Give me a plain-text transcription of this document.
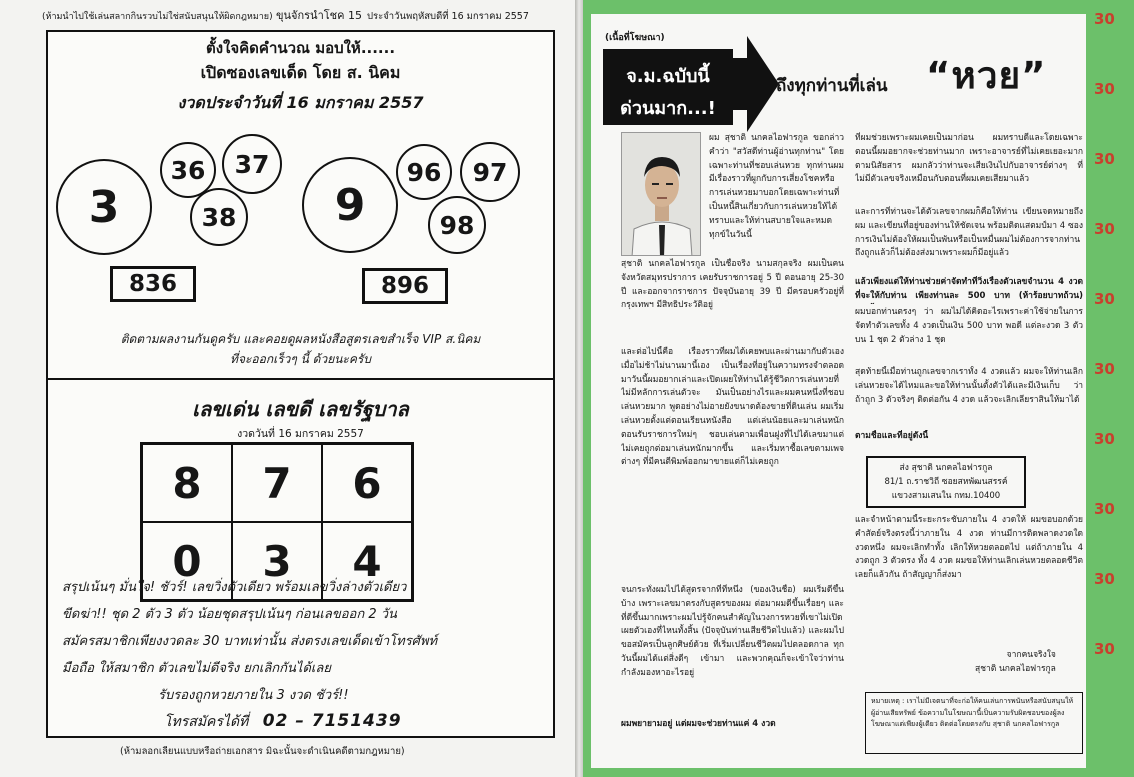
(ห้ามนำไปใช้เล่นสลากกินรวบไม่ใช่สนับสนุนให้ผิดกฎหมาย) ขุนจักรนำโชค 15 ประจำวันพฤหัสบดีที่ 16 มกราคม 2557
ตั้งใจคิดคำนวณ มอบให้......
เปิดซองเลขเด็ด โดย ส. นิคม
งวดประจำวันที่ 16 มกราคม 2557
3
36	37
38
836
9
96	97
98
896
ติดตามผลงานกันดูครับ และคอยดูผลหนังสือสูตรเลขสำเร็จ VIP ส.นิคม
ที่จะออกเร็วๆ นี้ ด้วยนะครับ
เลขเด่น เลขดี เลขรัฐบาล
งวดวันที่ 16 มกราคม 2557
8	7	6
0	3	4
สรุปเน้นๆ มั่นใจ! ชัวร์! เลขวิ่งตัวเดียว พร้อมเลขวิ่งล่างตัวเดียว
ขีดฆ่า!! ชุด 2 ตัว 3 ตัว น้อยชุดสรุปเน้นๆ ก่อนเลขออก 2 วัน
สมัครสมาชิกเพียงงวดละ 30 บาทเท่านั้น ส่งตรงเลขเด็ดเข้าโทรศัพท์
มือถือ ให้สมาชิก ตัวเลขไม่ดีจริง ยกเลิกกันได้เลย
รับรองถูกหวยภายใน 3 งวด ชัวร์!!
โทรสมัครได้ที่ 02 – 7151439
(ห้ามลอกเลียนแบบหรือถ่ายเอกสาร มิฉะนั้นจะดำเนินคดีตามกฎหมาย)
(เนื้อที่โฆษณา)
จ.ม.ฉบับนี้
ด่วนมาก...!
ถึงทุกท่านที่เล่น “หวย”
ผม สุชาติ นกคลไอฟารกูล ขอกล่าวคำว่า "สวัสดีท่านผู้อ่านทุกท่าน" โดยเฉพาะท่านที่ชอบเล่นหวย ทุกท่านผมมีเรื่องราวที่ผูกกับการเสี่ยงโชคหรือการเล่นหวยมาบอกโดยเฉพาะท่านที่เป็นหนี้สินเกี่ยวกับการเล่นหวยให้ได้ทราบและให้ท่านสบายใจและหมดทุกข์ในวันนี้
สุชาติ นกคลไอฟารกูล เป็นชื่อจริง นามสกุลจริง ผมเป็นคนจังหวัดสมุทรปราการ เคยรับราชการอยู่ 5 ปี ตอนอายุ 25-30 ปี และออกจากราชการ ปัจจุบันอายุ 39 ปี มีครอบครัวอยู่ที่กรุงเทพฯ มีสิทธิประวัติอยู่
และต่อไปนี้คือ เรื่องราวที่ผมได้เคยพบและผ่านมากับตัวเองเมื่อไม่ช้าไม่นานมานี้เอง เป็นเรื่องที่อยู่ในความทรงจำตลอดมาวันนี้ผมอยากเล่าและเปิดเผยให้ท่านได้รู้ชีวิตการเล่นหวยที่ไม่มีหลักการเล่นตัวจะ มันเป็นอย่างไรและผมคนหนึ่งที่ชอบเล่นหวยมาก พูดอย่างไม่อายยังขนาดต้องขายที่ดินเล่น ผมเริ่มเล่นหวยตั้งแต่ตอนเรียนหนังสือ แต่เล่นน้อยและมาเล่นหนักตอนรับราชการใหม่ๆ ชอบเล่นตามเพื่อนฝูงที่ไปได้เลขมาแต่ไม่เคยถูกต่อมาเล่นหนักมากขึ้น และเริ่มหาซื้อเลขตามเพจต่างๆ ที่มีคนตีพิมพ์ออกมาขายแต่ก็ไม่เคยถูก
จนกระทั่งผมไปได้สูตรจากที่ที่หนึ่ง (ของเงินชื่อ) ผมเริ่มดีขึ้นบ้าง เพราะเลขมาตรงกับสูตรของผม ต่อมาผมดีขึ้นเรื่อยๆ และที่ดีขึ้นมากเพราะผมไปรู้จักคนสำคัญในวงการหวยที่เขาไม่เปิดเผยตัวเองที่ไหนทั้งสิ้น (ปัจจุบันท่านเสียชีวิตไปแล้ว) และผมไปขอสมัครเป็นลูกศิษย์ด้วย ที่เริ่มเปลี่ยนชีวิตผมไปตลอดกาล ทุกวันนี้ผมได้แต่สิ่งดีๆ เข้ามา และพวกคุณก็จะเข้าใจว่าท่านกำลังมองหาอะไรอยู่
ผมพยายามอยู่ แต่ผมจะช่วยท่านแค่ 4 งวด
ที่ผมช่วยเพราะผมเคยเป็นมาก่อน ผมทราบดีและโดยเฉพาะตอนนี้ผมอยากจะช่วยท่านมาก เพราะอาจารย์ที่ไม่เคยเยอะมาก ตามนิสัยสาร ผมกลัวว่าท่านจะเสียเงินไปกับอาจารย์ต่างๆ ที่ไม่มีตัวเลขจริงเหมือนกับตอนที่ผมเคยเสียมาแล้ว
และการที่ท่านจะได้ตัวเลขจากผมก็คือให้ท่าน เขียนจดหมายถึงผม และเขียนที่อยู่ของท่านให้ชัดเจน พร้อมติดแสตมป์มา 4 ซองการเงินไม่ต้องให้ผมเป็นพันหรือเป็นหมื่นผมไม่ต้องการจากท่านถึงถูกแล้วก็ไม่ต้องส่งมาเพราะผมก็มีอยู่แล้ว
แล้วเพียงแต่ให้ท่านช่วยค่าจัดทำที่วิ่งเรื่องตัวเลขจำนวน 4 งวด ที่จะให้กับท่าน เพียงท่านละ 500 บาท (ห้าร้อยบาทถ้วน)
ผมบอกท่านตรงๆ ว่า ผมไม่ได้คิดอะไรเพราะค่าใช้จ่ายในการจัดทำตัวเลขทั้ง 4 งวดเป็นเงิน 500 บาท พอดี แต่ละงวด 3 ตัว บน 1 ชุด 2 ตัวล่าง 1 ชุด
สุดท้ายนี้เมื่อท่านถูกเลขจากเราทั้ง 4 งวดแล้ว ผมจะให้ท่านเลิกเล่นหวยจะได้ไหมและขอให้ท่านนั้นตั้งตัวได้และมีเงินเก็บ ว่า ถ้าถูก 3 ตัวจริงๆ ติดต่อกัน 4 งวด แล้วจะเลิกเลียราสินให้มาได้
ตามชื่อและที่อยู่ดังนี้
ส่ง สุชาติ นกคลไอฟารกูล
81/1 ถ.ราชวิถี ซอยสหพัฒนสรรค์
แขวงสามเสนใน กทม.10400
และจำหน้าตามนี้ระยะกระชับภายใน 4 งวดให้ ผมขอบอกด้วยคำสัตย์จริงตรงนี้ว่าภายใน 4 งวด ท่านมีการติดพลาดงวดใดงวดหนึ่ง ผมจะเลิกทำทั้ง เลิกให้หวยตลอดไป แต่ถ้าภายใน 4 งวดถูก 3 ตัวตรง ทั้ง 4 งวด ผมขอให้ท่านเลิกเล่นหวยตลอดชีวิตเลยก็แล้วกัน ถ้าสัญญาก็ส่งมา
จากคนจริงใจ
สุชาติ นกคลไอฟารกูล
หมายเหตุ : เราไม่มีเจตนาที่จะก่อให้คนเล่นการพนันหรือสนับสนุนให้ผู้อ่านเสียทรัพย์ ข้อความในโฆษณานี้เป็นความรับผิดชอบของผู้ลงโฆษณาแต่เพียงผู้เดียว ติดต่อโดยตรงกับ สุชาติ นกคลไอฟารกูล
30
30
30
30
30
30
30
30
30
30
